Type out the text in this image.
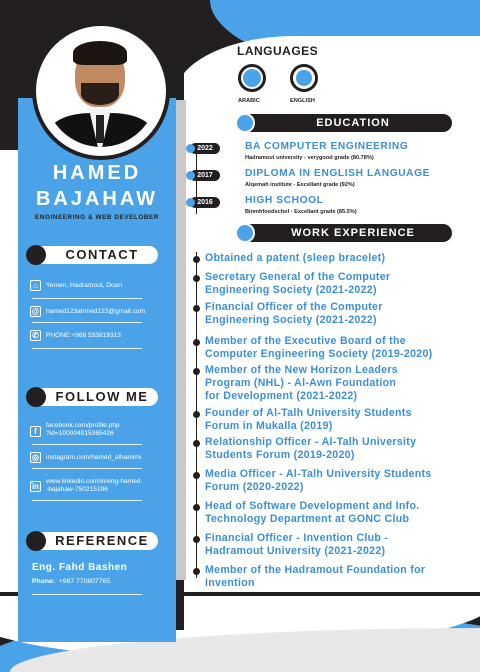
HAMED
BAJAHAW
ENGINEERING & WEB DEVELOBER
CONTACT
⌂	Yemen, Hadramout, Doan
@ hamed123ahmed123@gmail.com
✆	PHONE:+966 533819313
FOLLOW ME
f
facebook.com/profile.php
?id=100004915365426
◎	instagram.com/hamed_alhamimi
in
www.linkedin.com/in/eng-hamed
-bajahaw-750215196
REFERENCE
Eng. Fahd Bashen
Phone: +967 770807765
LANGUAGES
ARABIC	ENGLISH
EDUCATION
2022	BA COMPUTER ENGINEERING
Hadramout university - verygood grade (80.78%)
2017	DIPLOMA IN ENGLISH LANGUAGE
Alqemah institute - Excellant grade (92%)
2016	HIGH SCHOOL
Binmhfoodschol - Excellant grade (85.5%)
WORK EXPERIENCE
Obtained a patent (sleep bracelet)
Secretary General of the Computer
Engineering Society (2021-2022)
Financial Officer of the Computer
Engineering Society (2021-2022)
Member of the Executive Board of the
Computer Engineering Society (2019-2020)
Member of the New Horizon Leaders
Program (NHL) - Al-Awn Foundation
for Development (2021-2022)
Founder of Al-Talh University Students
Forum in Mukalla (2019)
Relationship Officer - Al-Talh University
Students Forum (2019-2020)
Media Officer - Al-Talh University Students
Forum (2020-2022)
Head of Software Development and Info.
Technology Department at GONC Club
Financial Officer - Invention Club -
Hadramout University (2021-2022)
Member of the Hadramout Foundation for
Invention
